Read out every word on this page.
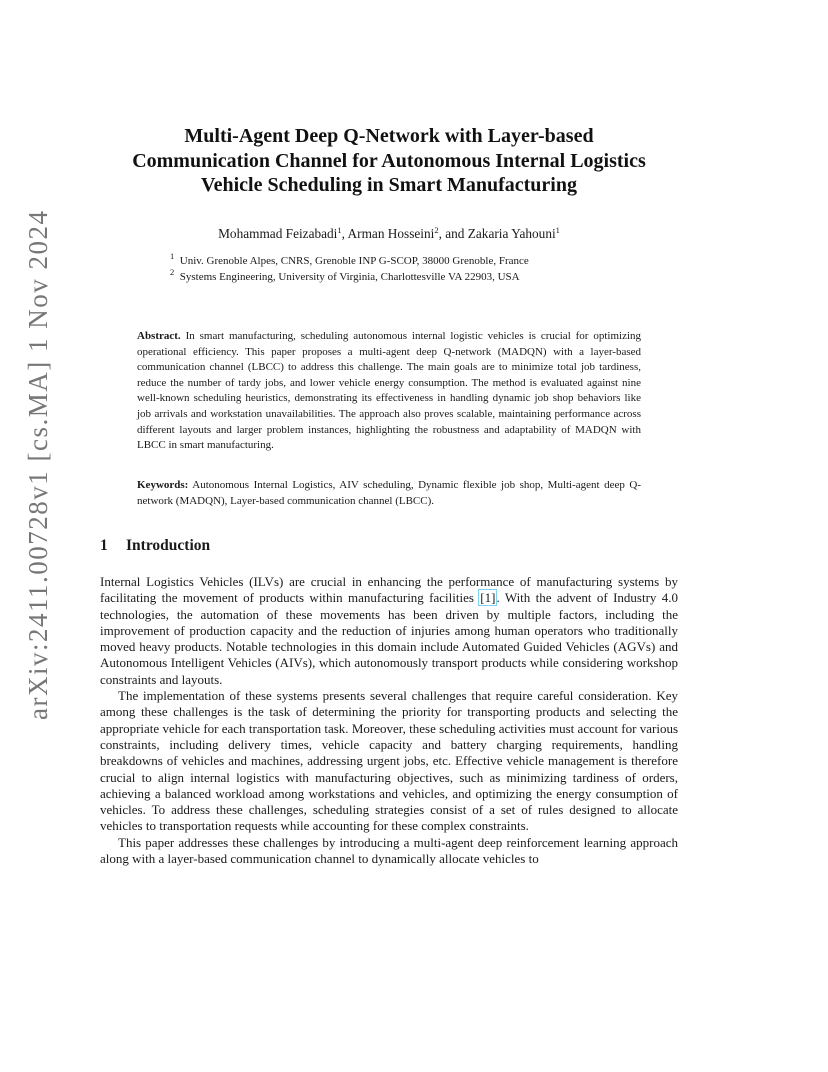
arXiv:2411.00728v1 [cs.MA] 1 Nov 2024
Multi-Agent Deep Q-Network with Layer-based
Communication Channel for Autonomous Internal Logistics
Vehicle Scheduling in Smart Manufacturing
Mohammad Feizabadi$^1$, Arman Hosseini$^2$, and Zakaria Yahouni$^1$
$^1$ Univ. Grenoble Alpes, CNRS, Grenoble INP G-SCOP, 38000 Grenoble, France
$^2$ Systems Engineering, University of Virginia, Charlottesville VA 22903, USA
Abstract. In smart manufacturing, scheduling autonomous internal logistic vehicles is crucial for optimizing operational efficiency. This paper proposes a multi-agent deep Q-network (MADQN) with a layer-based communication channel (LBCC) to address this challenge. The main goals are to minimize total job tardiness, reduce the number of tardy jobs, and lower vehicle energy consumption. The method is evaluated against nine well-known scheduling heuristics, demonstrating its effectiveness in handling dynamic job shop behaviors like job arrivals and workstation unavailabilities. The approach also proves scalable, maintaining performance across different layouts and larger problem instances, highlighting the robustness and adaptability of MADQN with LBCC in smart manufacturing.
Keywords: Autonomous Internal Logistics, AIV scheduling, Dynamic flexible job shop, Multi-agent deep Q-network (MADQN), Layer-based communication channel (LBCC).
1 Introduction

Internal Logistics Vehicles (ILVs) are crucial in enhancing the performance of manufacturing systems by facilitating the movement of products within manufacturing facilities [1]. With the advent of Industry 4.0 technologies, the automation of these movements has been driven by multiple factors, including the improvement of production capacity and the reduction of injuries among human operators who traditionally moved heavy products. Notable technologies in this domain include Automated Guided Vehicles (AGVs) and Autonomous Intelligent Vehicles (AIVs), which autonomously transport products while considering workshop constraints and layouts.

The implementation of these systems presents several challenges that require careful consideration. Key among these challenges is the task of determining the priority for transporting products and selecting the appropriate vehicle for each transportation task. Moreover, these scheduling activities must account for various constraints, including delivery times, vehicle capacity and battery charging requirements, handling breakdowns of vehicles and machines, addressing urgent jobs, etc. Effective vehicle management is therefore crucial to align internal logistics with manufacturing objectives, such as minimizing tardiness of orders, achieving a balanced workload among workstations and vehicles, and optimizing the energy consumption of vehicles. To address these challenges, scheduling strategies consist of a set of rules designed to allocate vehicles to transportation requests while accounting for these complex constraints.

This paper addresses these challenges by introducing a multi-agent deep reinforcement learning approach along with a layer-based communication channel to dynamically allocate vehicles to
